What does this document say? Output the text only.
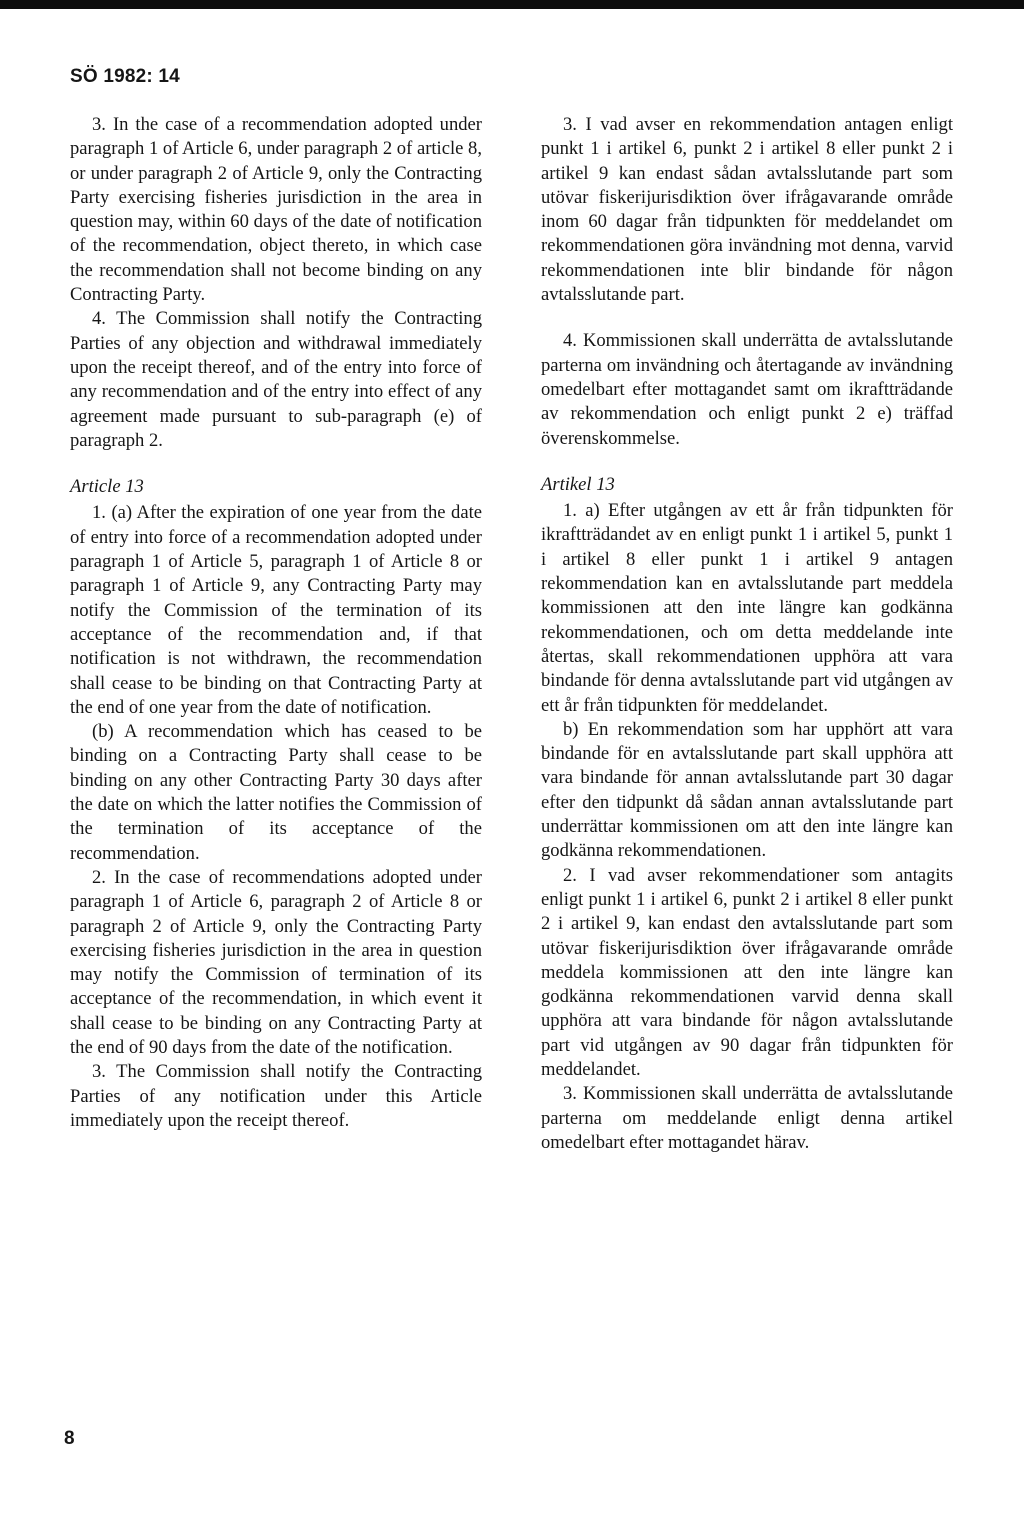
SÖ 1982: 14

3. In the case of a recommendation adopted under paragraph 1 of Article 6, under paragraph 2 of article 8, or under paragraph 2 of Article 9, only the Contracting Party exercising fisheries jurisdiction in the area in question may, within 60 days of the date of notification of the recommendation, object thereto, in which case the recommendation shall not become binding on any Contracting Party.

4. The Commission shall notify the Contracting Parties of any objection and withdrawal immediately upon the receipt thereof, and of the entry into force of any recommendation and of the entry into effect of any agreement made pursuant to sub-paragraph (e) of paragraph 2.

Article 13

1. (a) After the expiration of one year from the date of entry into force of a recommendation adopted under paragraph 1 of Article 5, paragraph 1 of Article 8 or paragraph 1 of Article 9, any Contracting Party may notify the Commission of the termination of its acceptance of the recommendation and, if that notification is not withdrawn, the recommendation shall cease to be binding on that Contracting Party at the end of one year from the date of notification.

(b) A recommendation which has ceased to be binding on a Contracting Party shall cease to be binding on any other Contracting Party 30 days after the date on which the latter notifies the Commission of the termination of its acceptance of the recommendation.

2. In the case of recommendations adopted under paragraph 1 of Article 6, paragraph 2 of Article 8 or paragraph 2 of Article 9, only the Contracting Party exercising fisheries jurisdiction in the area in question may notify the Commission of termination of its acceptance of the recommendation, in which event it shall cease to be binding on any Contracting Party at the end of 90 days from the date of the notification.

3. The Commission shall notify the Contracting Parties of any notification under this Article immediately upon the receipt thereof.

3. I vad avser en rekommendation antagen enligt punkt 1 i artikel 6, punkt 2 i artikel 8 eller punkt 2 i artikel 9 kan endast sådan avtalsslutande part som utövar fiskerijurisdiktion över ifrågavarande område inom 60 dagar från tidpunkten för meddelandet om rekommendationen göra invändning mot denna, varvid rekommendationen inte blir bindande för någon avtalsslutande part.

4. Kommissionen skall underrätta de avtalsslutande parterna om invändning och återtagande av invändning omedelbart efter mottagandet samt om ikraftträdande av rekommendation och enligt punkt 2 e) träffad överenskommelse.

Artikel 13

1. a) Efter utgången av ett år från tidpunkten för ikraftträdandet av en enligt punkt 1 i artikel 5, punkt 1 i artikel 8 eller punkt 1 i artikel 9 antagen rekommendation kan en avtalsslutande part meddela kommissionen att den inte längre kan godkänna rekommendationen, och om detta meddelande inte återtas, skall rekommendationen upphöra att vara bindande för denna avtalsslutande part vid utgången av ett år från tidpunkten för meddelandet.

b) En rekommendation som har upphört att vara bindande för en avtalsslutande part skall upphöra att vara bindande för annan avtalsslutande part 30 dagar efter den tidpunkt då sådan annan avtalsslutande part underrättar kommissionen om att den inte längre kan godkänna rekommendationen.

2. I vad avser rekommendationer som antagits enligt punkt 1 i artikel 6, punkt 2 i artikel 8 eller punkt 2 i artikel 9, kan endast den avtalsslutande part som utövar fiskerijurisdiktion över ifrågavarande område meddela kommissionen att den inte längre kan godkänna rekommendationen varvid denna skall upphöra att vara bindande för någon avtalsslutande part vid utgången av 90 dagar från tidpunkten för meddelandet.

3. Kommissionen skall underrätta de avtalsslutande parterna om meddelande enligt denna artikel omedelbart efter mottagandet härav.

8
